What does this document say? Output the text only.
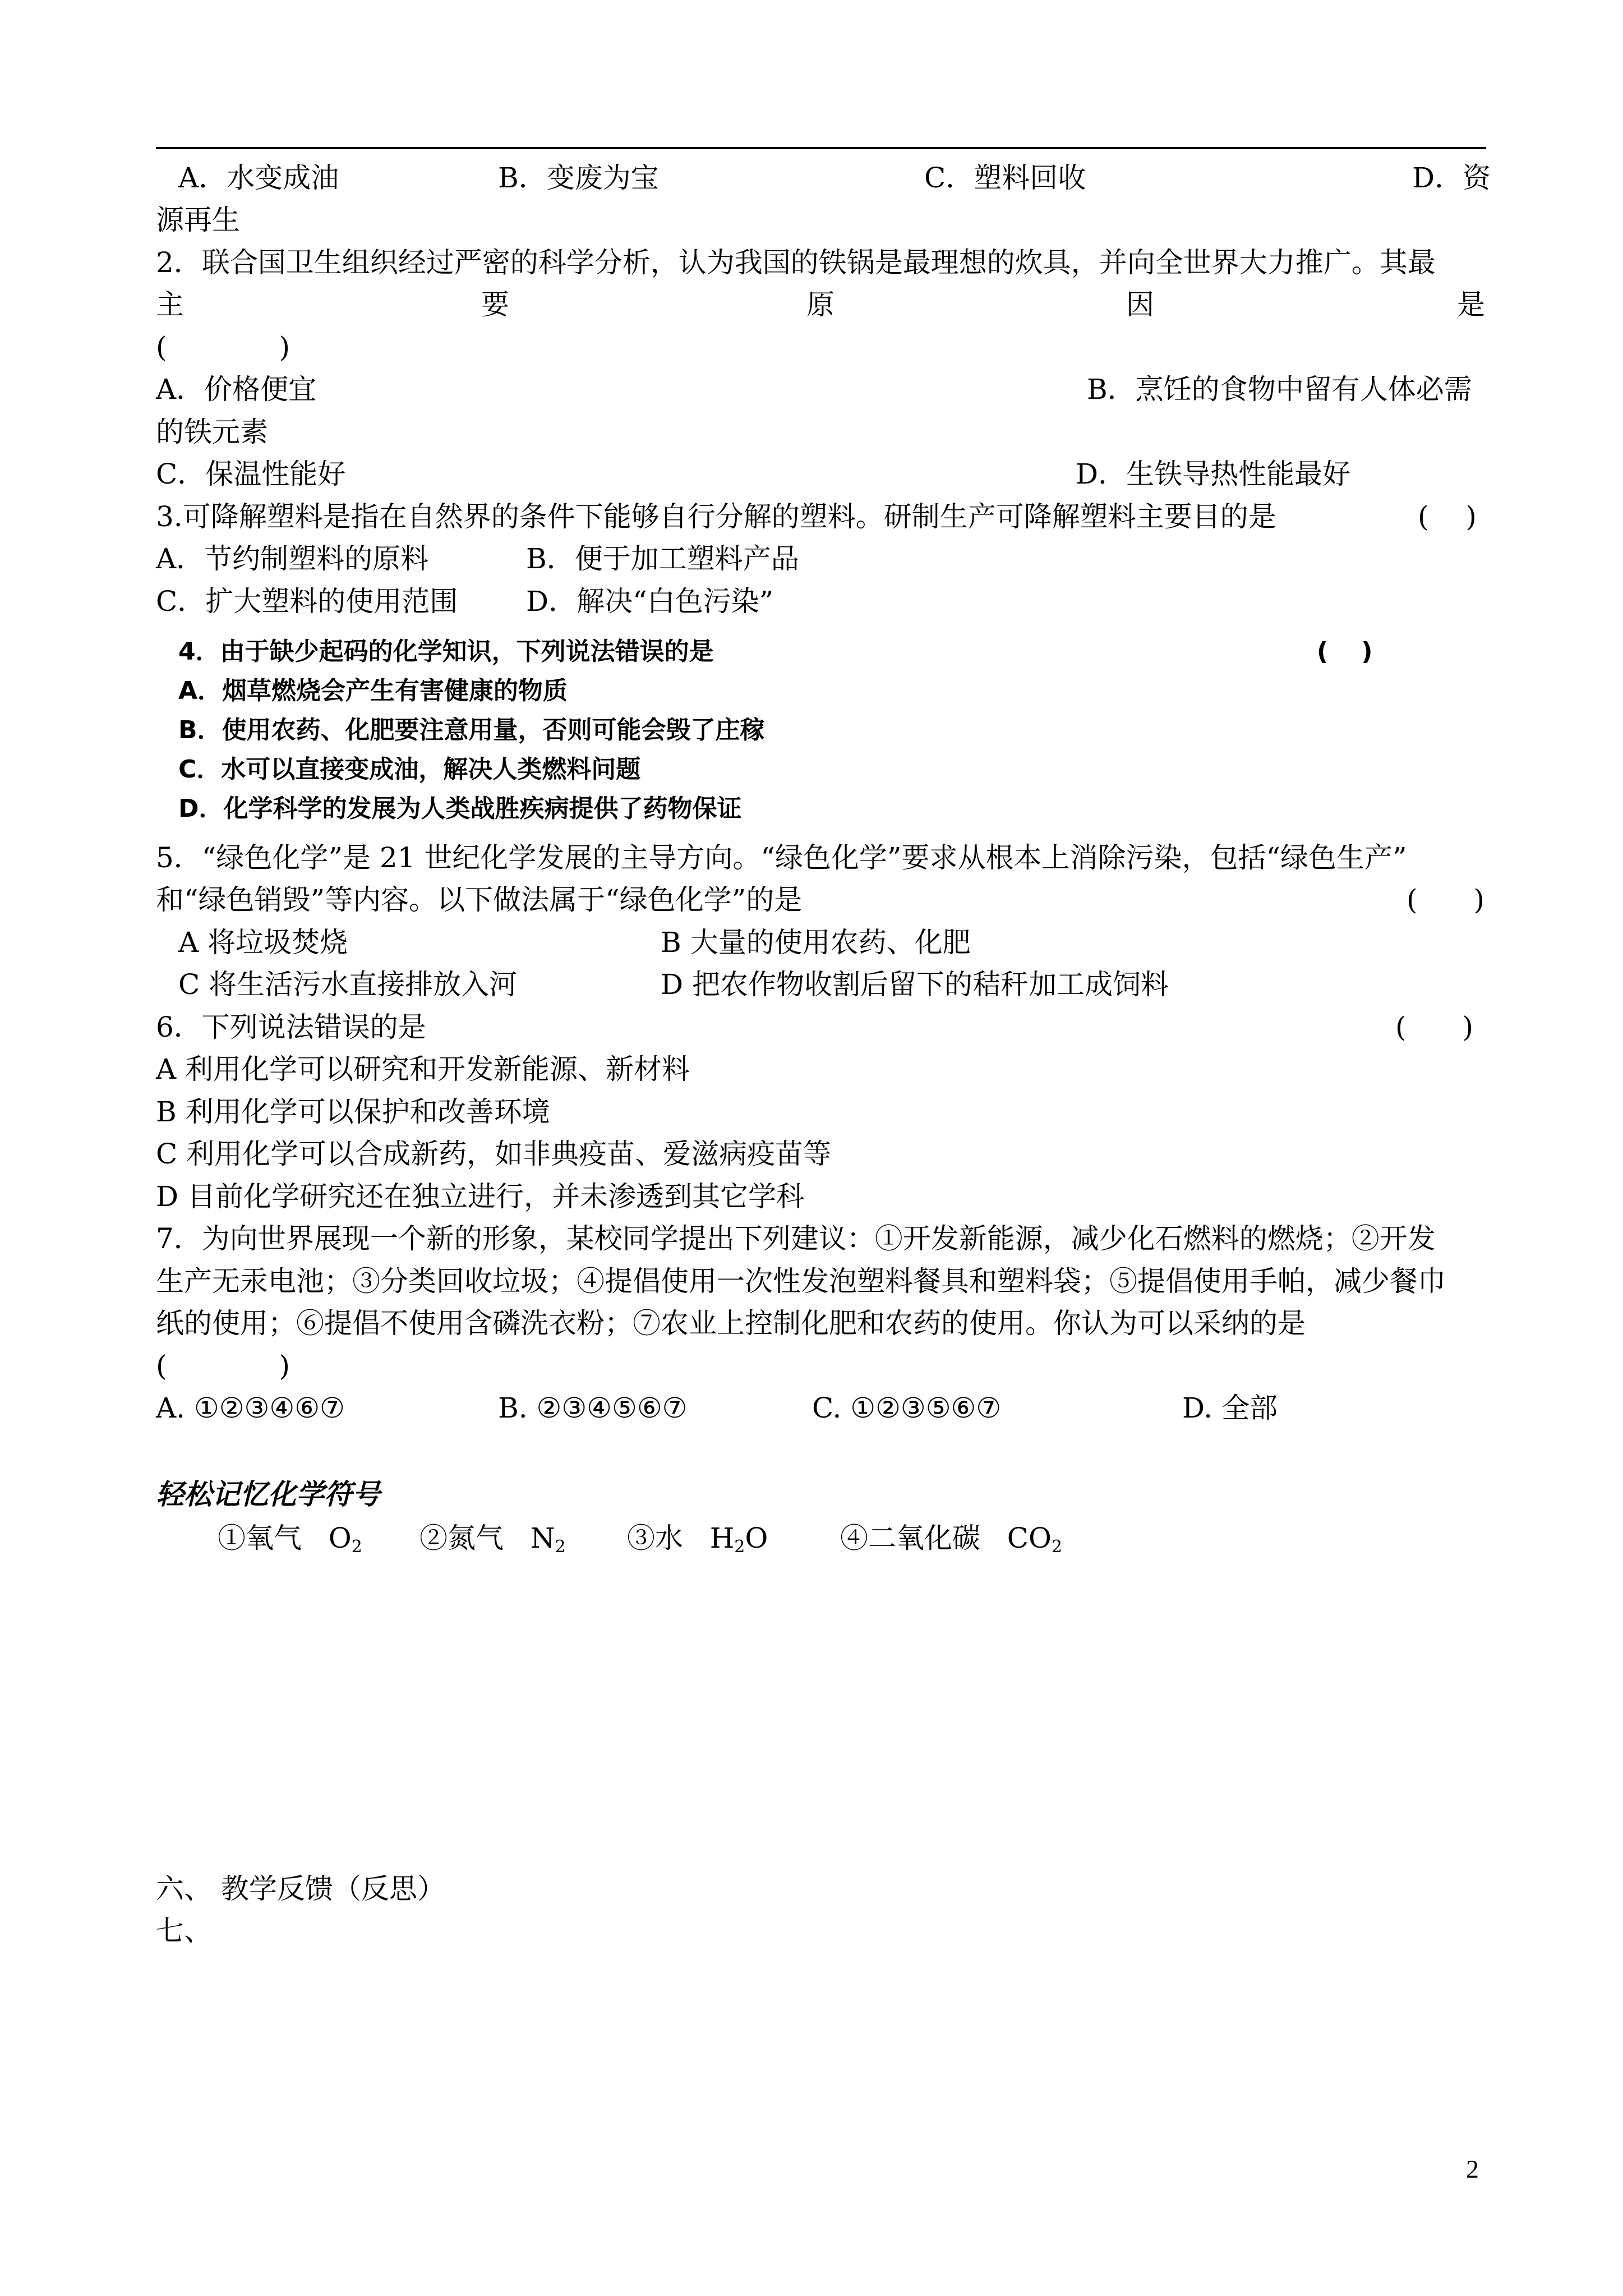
A．水变成油	B．变废为宝	C．塑料回收	D．资
源再生
2．联合国卫生组织经过严密的科学分析，认为我国的铁锅是最理想的炊具，并向全世界大力推广。其最
主	要	原	因	是
(　　　　)
A．价格便宜	B．烹饪的食物中留有人体必需
的铁元素
C．保温性能好	D．生铁导热性能最好
3.可降解塑料是指在自然界的条件下能够自行分解的塑料。研制生产可降解塑料主要目的是	(　 )
A．节约制塑料的原料	B．便于加工塑料产品
C．扩大塑料的使用范围 D．解决“白色污染”
4．由于缺少起码的化学知识，下列说法错误的是	(　 )
A．烟草燃烧会产生有害健康的物质
B．使用农药、化肥要注意用量，否则可能会毁了庄稼
C．水可以直接变成油，解决人类燃料问题
D．化学科学的发展为人类战胜疾病提供了药物保证
5．“绿色化学”是 21 世纪化学发展的主导方向。“绿色化学”要求从根本上消除污染，包括“绿色生产”
和“绿色销毁”等内容。以下做法属于“绿色化学”的是	(　　)
A 将垃圾焚烧	B 大量的使用农药、化肥
C 将生活污水直接排放入河	D 把农作物收割后留下的秸秆加工成饲料
6．下列说法错误的是	(　　)
A 利用化学可以研究和开发新能源、新材料
B 利用化学可以保护和改善环境
C 利用化学可以合成新药，如非典疫苗、爱滋病疫苗等
D 目前化学研究还在独立进行，并未渗透到其它学科
7．为向世界展现一个新的形象，某校同学提出下列建议：①开发新能源，减少化石燃料的燃烧；②开发
生产无汞电池；③分类回收垃圾；④提倡使用一次性发泡塑料餐具和塑料袋；⑤提倡使用手帕，减少餐巾
纸的使用；⑥提倡不使用含磷洗衣粉；⑦农业上控制化肥和农药的使用。你认为可以采纳的是
(　　　　)
A. ①②③④⑥⑦	B. ②③④⑤⑥⑦	C. ①②③⑤⑥⑦	D. 全部
轻松记忆化学符号
①氧气 $O_2$ ②氮气 $N_2$ ③水 $H_2O$	④二氧化碳 $CO_2$
六、 教学反馈（反思）
七、
2
